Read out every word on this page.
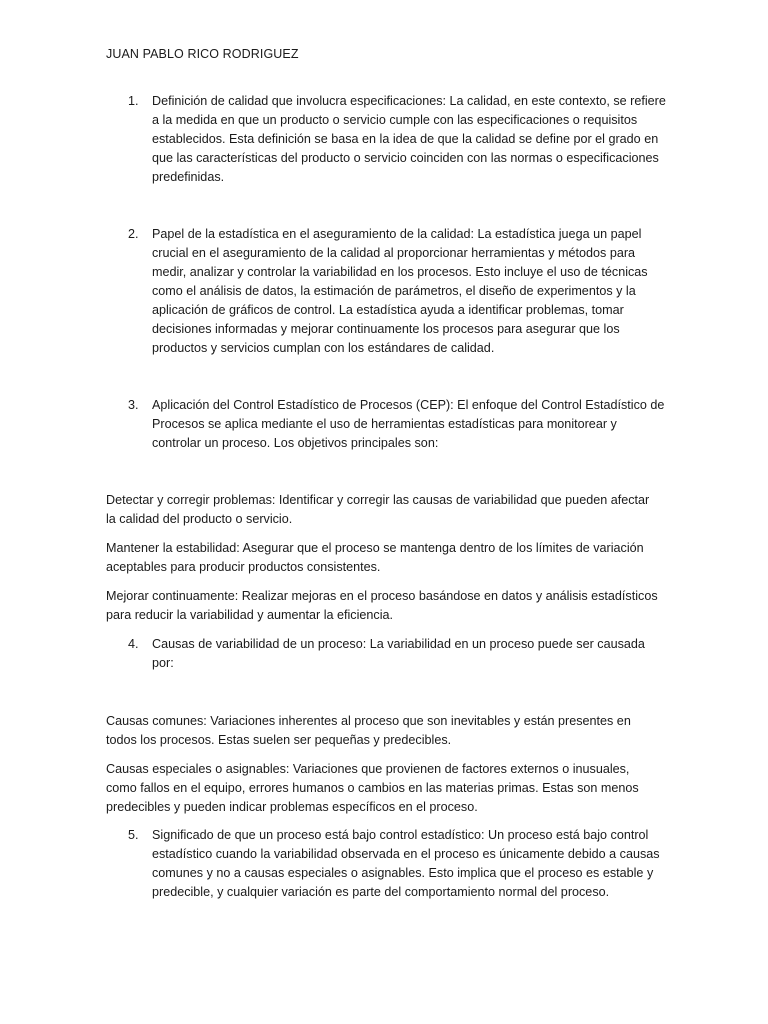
JUAN PABLO RICO RODRIGUEZ
1. Definición de calidad que involucra especificaciones: La calidad, en este contexto, se refiere a la medida en que un producto o servicio cumple con las especificaciones o requisitos establecidos. Esta definición se basa en la idea de que la calidad se define por el grado en que las características del producto o servicio coinciden con las normas o especificaciones predefinidas.
2. Papel de la estadística en el aseguramiento de la calidad: La estadística juega un papel crucial en el aseguramiento de la calidad al proporcionar herramientas y métodos para medir, analizar y controlar la variabilidad en los procesos. Esto incluye el uso de técnicas como el análisis de datos, la estimación de parámetros, el diseño de experimentos y la aplicación de gráficos de control. La estadística ayuda a identificar problemas, tomar decisiones informadas y mejorar continuamente los procesos para asegurar que los productos y servicios cumplan con los estándares de calidad.
3. Aplicación del Control Estadístico de Procesos (CEP): El enfoque del Control Estadístico de Procesos se aplica mediante el uso de herramientas estadísticas para monitorear y controlar un proceso. Los objetivos principales son:
Detectar y corregir problemas: Identificar y corregir las causas de variabilidad que pueden afectar la calidad del producto o servicio.
Mantener la estabilidad: Asegurar que el proceso se mantenga dentro de los límites de variación aceptables para producir productos consistentes.
Mejorar continuamente: Realizar mejoras en el proceso basándose en datos y análisis estadísticos para reducir la variabilidad y aumentar la eficiencia.
4. Causas de variabilidad de un proceso: La variabilidad en un proceso puede ser causada por:
Causas comunes: Variaciones inherentes al proceso que son inevitables y están presentes en todos los procesos. Estas suelen ser pequeñas y predecibles.
Causas especiales o asignables: Variaciones que provienen de factores externos o inusuales, como fallos en el equipo, errores humanos o cambios en las materias primas. Estas son menos predecibles y pueden indicar problemas específicos en el proceso.
5. Significado de que un proceso está bajo control estadístico: Un proceso está bajo control estadístico cuando la variabilidad observada en el proceso es únicamente debido a causas comunes y no a causas especiales o asignables. Esto implica que el proceso es estable y predecible, y cualquier variación es parte del comportamiento normal del proceso.
